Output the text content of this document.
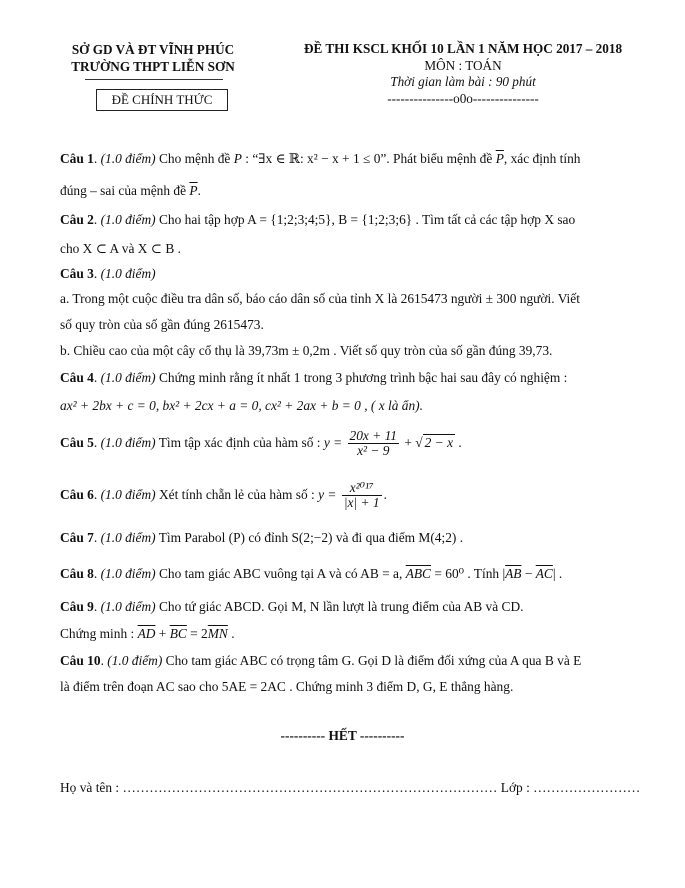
SỞ GD VÀ ĐT VĨNH PHÚC
TRƯỜNG THPT LIỄN SƠN
ĐỀ CHÍNH THỨC
ĐỀ THI KSCL KHỐI 10 LẦN 1 NĂM HỌC 2017 – 2018
MÔN : TOÁN
Thời gian làm bài : 90 phút
---------------o0o---------------
Câu 1. (1.0 điểm) Cho mệnh đề P : “∃x ∈ ℝ: x² − x + 1 ≤ 0”. Phát biểu mệnh đề $\overline{P}$, xác định tính
đúng – sai của mệnh đề $\overline{P}$.
Câu 2. (1.0 điểm) Cho hai tập hợp A = {1;2;3;4;5}, B = {1;2;3;6} . Tìm tất cả các tập hợp X sao
cho X ⊂ A và X ⊂ B .
Câu 3. (1.0 điểm)
a. Trong một cuộc điều tra dân số, báo cáo dân số của tỉnh X là 2615473 người ± 300 người. Viết
số quy tròn của số gần đúng 2615473.
b. Chiều cao của một cây cổ thụ là 39,73m ± 0,2m . Viết số quy tròn của số gần đúng 39,73.
Câu 4. (1.0 điểm) Chứng minh rằng ít nhất 1 trong 3 phương trình bậc hai sau đây có nghiệm :
ax² + 2bx + c = 0, bx² + 2cx + a = 0, cx² + 2ax + b = 0 , ( x là ẩn).
Câu 5. (1.0 điểm) Tìm tập xác định của hàm số : $y = \frac{20x + 11}{\text{x² − 9}}$ + √ 2 − x .
Câu 6. (1.0 điểm) Xét tính chẵn lẻ của hàm số : $y = \frac{\text{x²⁰¹⁷}}{|x| + 1}$ .
Câu 7. (1.0 điểm) Tìm Parabol (P) có đỉnh S(2;−2) và đi qua điểm M(4;2) .
Câu 8. (1.0 điểm) Cho tam giác ABC vuông tại A và có AB = a, $\overline{ABC} = 60^0$ . Tính $|\overline{AB} - \overline{AC}|$ .
Câu 9. (1.0 điểm) Cho tứ giác ABCD. Gọi M, N lần lượt là trung điểm của AB và CD.
Chứng minh : $\overline{AD} + \overline{BC} = 2\overline{MN}$ .
Câu 10. (1.0 điểm) Cho tam giác ABC có trọng tâm G. Gọi D là điểm đối xứng của A qua B và E
là điểm trên đoạn AC sao cho 5AE = 2AC . Chứng minh 3 điểm D, G, E thẳng hàng.
---------- HẾT ----------
Họ và tên : ………………………………………………………………………… Lớp : ……………………
